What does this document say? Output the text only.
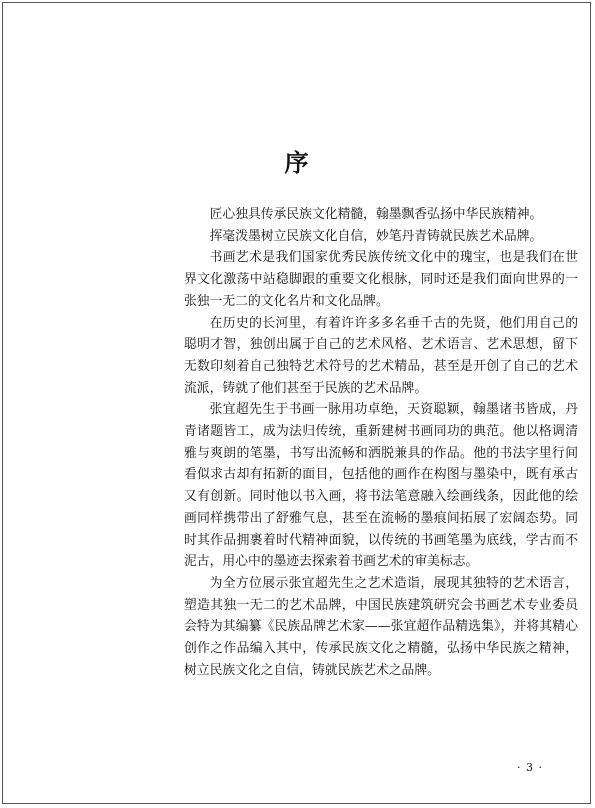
序

匠心独具传承民族文化精髓，翰墨飘香弘扬中华民族精神。

挥毫泼墨树立民族文化自信，妙笔丹青铸就民族艺术品牌。

书画艺术是我们国家优秀民族传统文化中的瑰宝，也是我们在世界文化激荡中站稳脚跟的重要文化根脉，同时还是我们面向世界的一张独一无二的文化名片和文化品牌。

在历史的长河里，有着许许多多名垂千古的先贤，他们用自己的聪明才智，独创出属于自己的艺术风格、艺术语言、艺术思想，留下无数印刻着自己独特艺术符号的艺术精品，甚至是开创了自己的艺术流派，铸就了他们甚至于民族的艺术品牌。

张宜超先生于书画一脉用功卓绝，天资聪颖，翰墨诸书皆成，丹青诸题皆工，成为法归传统，重新建树书画同功的典范。他以格调清雅与爽朗的笔墨，书写出流畅和洒脱兼具的作品。他的书法字里行间看似求古却有拓新的面目，包括他的画作在构图与墨染中，既有承古又有创新。同时他以书入画，将书法笔意融入绘画线条，因此他的绘画同样携带出了舒雅气息，甚至在流畅的墨痕间拓展了宏阔态势。同时其作品拥裹着时代精神面貌，以传统的书画笔墨为底线，学古而不泥古，用心中的墨迹去探索着书画艺术的审美标志。

为全方位展示张宜超先生之艺术造诣，展现其独特的艺术语言，塑造其独一无二的艺术品牌，中国民族建筑研究会书画艺术专业委员会特为其编纂《民族品牌艺术家——张宜超作品精选集》，并将其精心创作之作品编入其中，传承民族文化之精髓，弘扬中华民族之精神，树立民族文化之自信，铸就民族艺术之品牌。

· 3 ·
